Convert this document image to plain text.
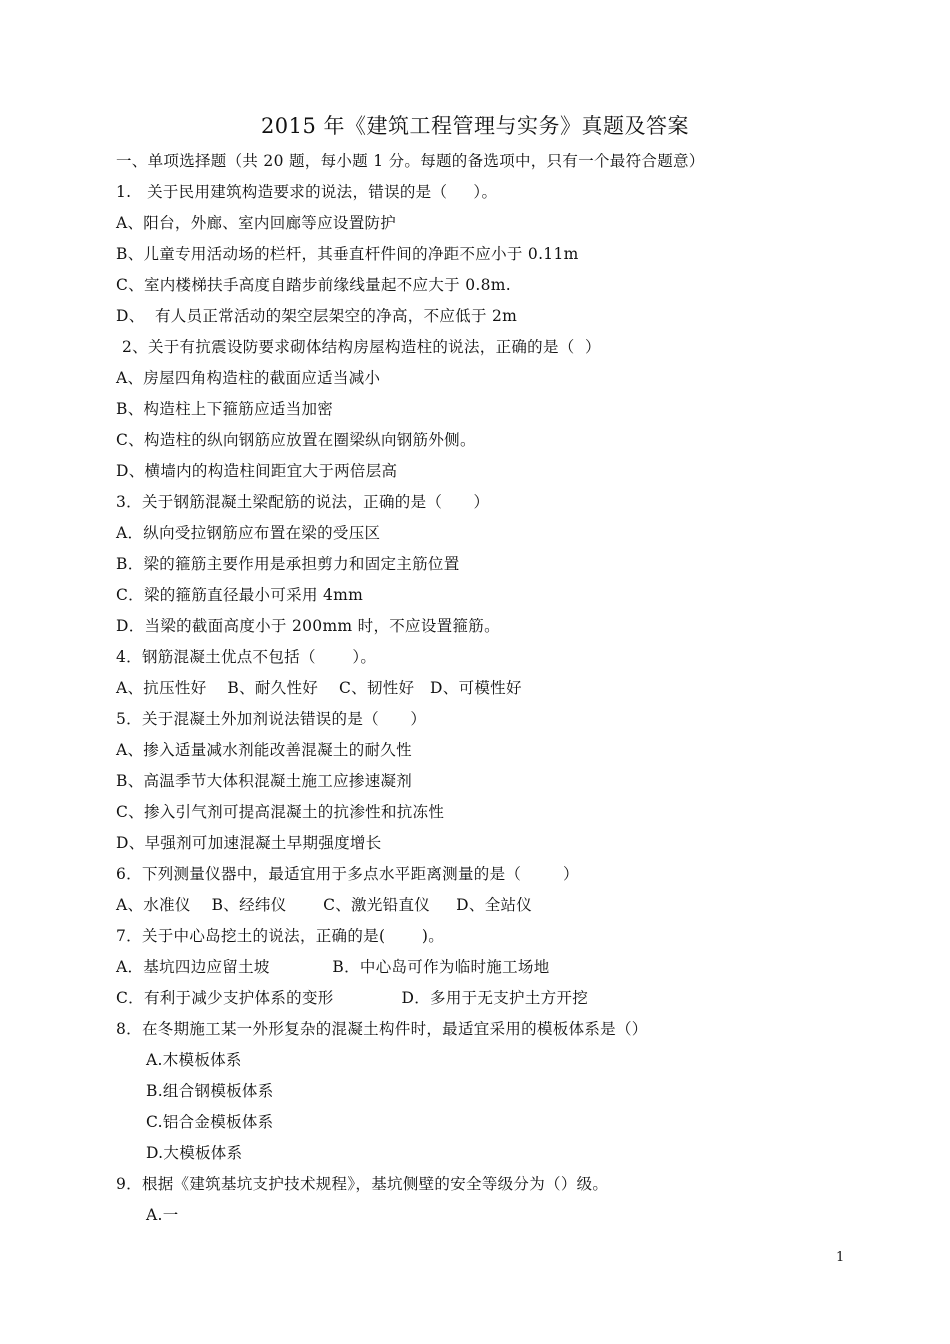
2015 年《建筑工程管理与实务》真题及答案
一、单项选择题（共 20 题，每小题 1 分。每题的备选项中，只有一个最符合题意）
1.   关于民用建筑构造要求的说法，错误的是（     ）。
A、阳台，外廊、室内回廊等应设置防护
B、儿童专用活动场的栏杆，其垂直杆件间的净距不应小于 0.11m
C、室内楼梯扶手高度自踏步前缘线量起不应大于 0.8m.
D、  有人员正常活动的架空层架空的净高，不应低于 2m
2、关于有抗震设防要求砌体结构房屋构造柱的说法，正确的是（  ）
A、房屋四角构造柱的截面应适当减小
B、构造柱上下箍筋应适当加密
C、构造柱的纵向钢筋应放置在圈梁纵向钢筋外侧。
D、横墙内的构造柱间距宜大于两倍层高
3．关于钢筋混凝土梁配筋的说法，正确的是（      ）
A．纵向受拉钢筋应布置在梁的受压区
B．梁的箍筋主要作用是承担剪力和固定主筋位置
C．梁的箍筋直径最小可采用 4mm
D．当梁的截面高度小于 200mm 时，不应设置箍筋。
4．钢筋混凝土优点不包括（       ）。
A、抗压性好    B、耐久性好    C、韧性好   D、可模性好
5．关于混凝土外加剂说法错误的是（      ）
A、掺入适量减水剂能改善混凝土的耐久性
B、高温季节大体积混凝土施工应掺速凝剂
C、掺入引气剂可提高混凝土的抗渗性和抗冻性
D、早强剂可加速混凝土早期强度增长
6．下列测量仪器中，最适宜用于多点水平距离测量的是（        ）
A、水准仪    B、经纬仪       C、激光铅直仪     D、全站仪
7．关于中心岛挖土的说法，正确的是(       )。
A．基坑四边应留土坡            B．中心岛可作为临时施工场地
C．有利于减少支护体系的变形             D．多用于无支护土方开挖
8．在冬期施工某一外形复杂的混凝土构件时，最适宜采用的模板体系是（）
A.木模板体系
B.组合钢模板体系
C.铝合金模板体系
D.大模板体系
9．根据《建筑基坑支护技术规程》，基坑侧壁的安全等级分为（）级。
A.一
1
